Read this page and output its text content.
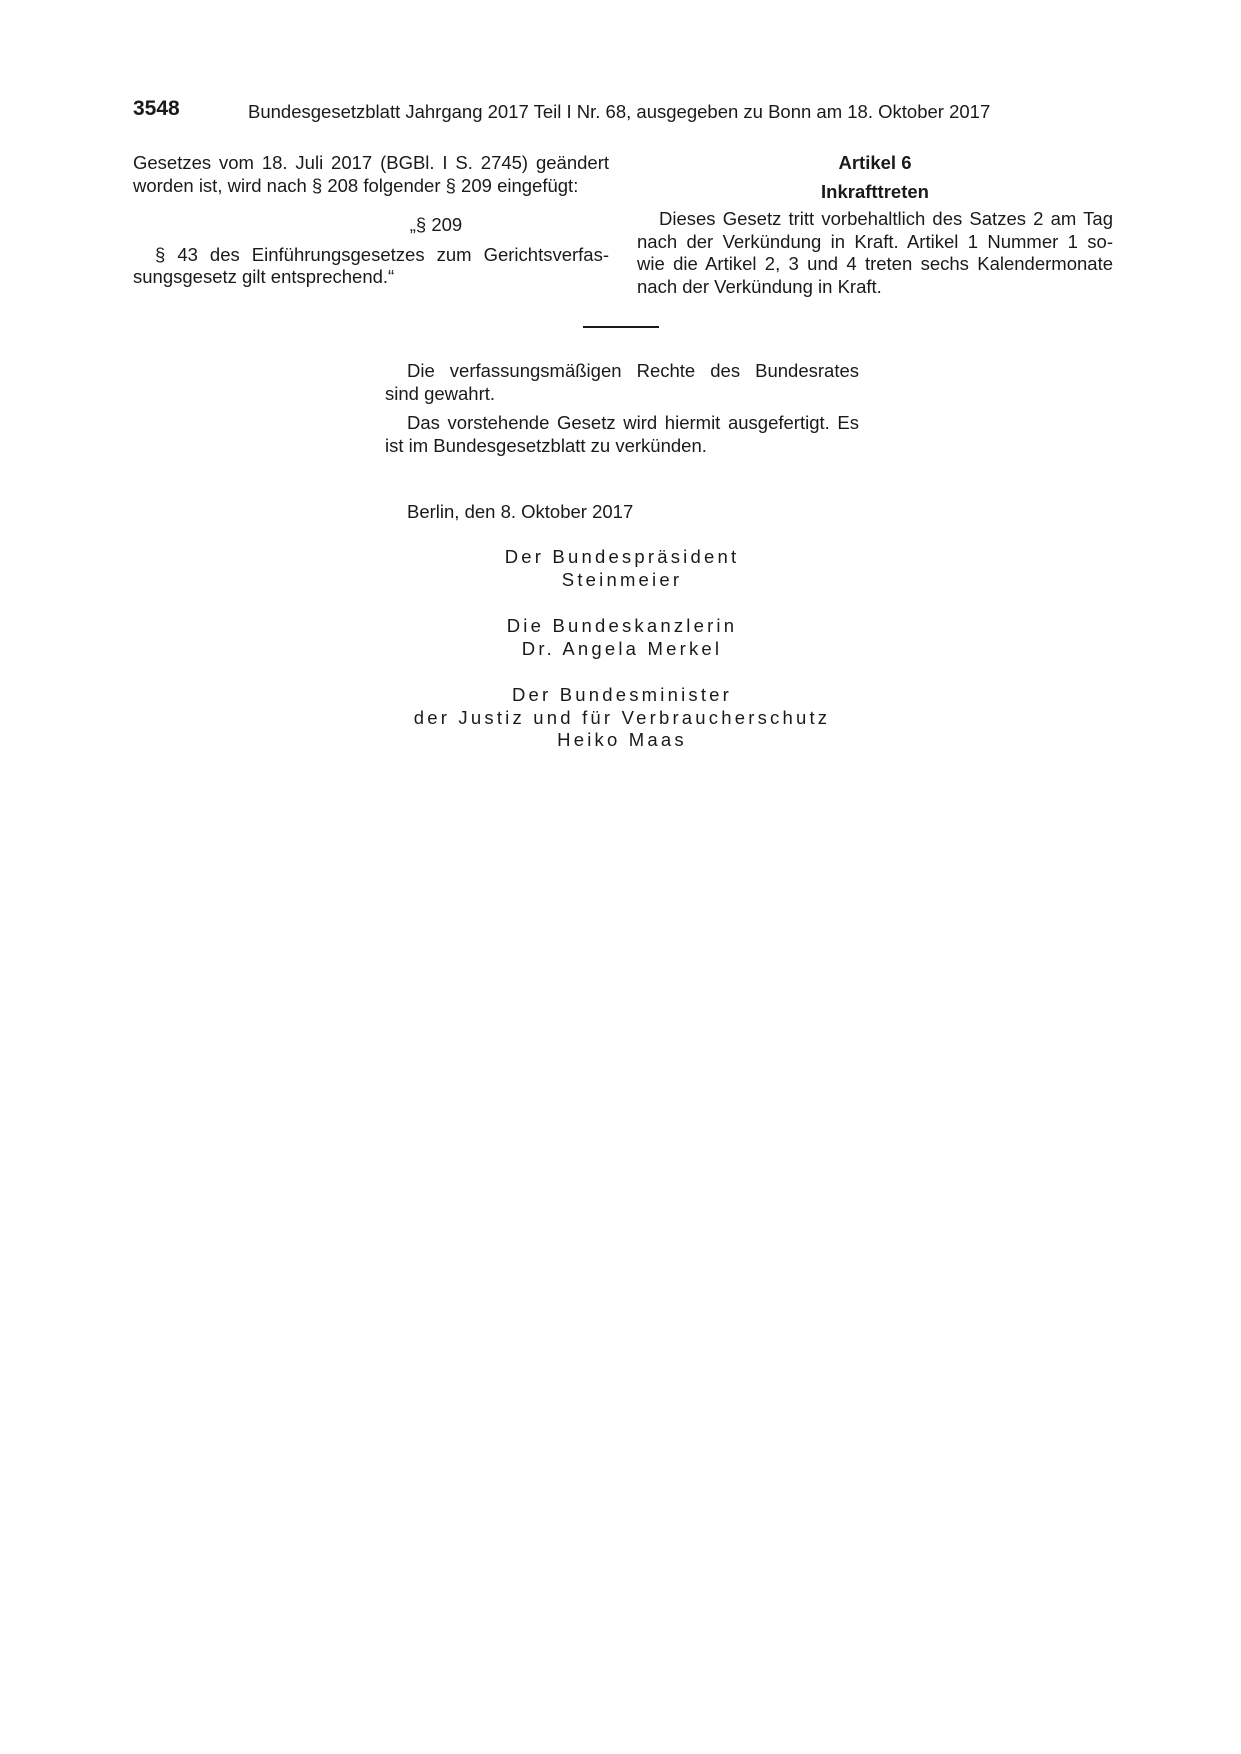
3548	Bundesgesetzblatt Jahrgang 2017 Teil I Nr. 68, ausgegeben zu Bonn am 18. Oktober 2017

Gesetzes vom 18. Juli 2017 (BGBl. I S. 2745) geändert

worden ist, wird nach § 208 folgender § 209 eingefügt:

„§ 209

§ 43 des Einführungsgesetzes zum Gerichtsverfas-

sungsgesetz gilt entsprechend.“

Artikel 6

Inkrafttreten

Dieses Gesetz tritt vorbehaltlich des Satzes 2 am Tag

nach der Verkündung in Kraft. Artikel 1 Nummer 1 so-

wie die Artikel 2, 3 und 4 treten sechs Kalendermonate

nach der Verkündung in Kraft.

Die verfassungsmäßigen Rechte des Bundesrates

sind gewahrt.

Das vorstehende Gesetz wird hiermit ausgefertigt. Es

ist im Bundesgesetzblatt zu verkünden.

Berlin, den 8. Oktober 2017

Der Bundespräsident
Steinmeier
Die Bundeskanzlerin
Dr. Angela Merkel
Der Bundesminister
der Justiz und für Verbraucherschutz
Heiko Maas
